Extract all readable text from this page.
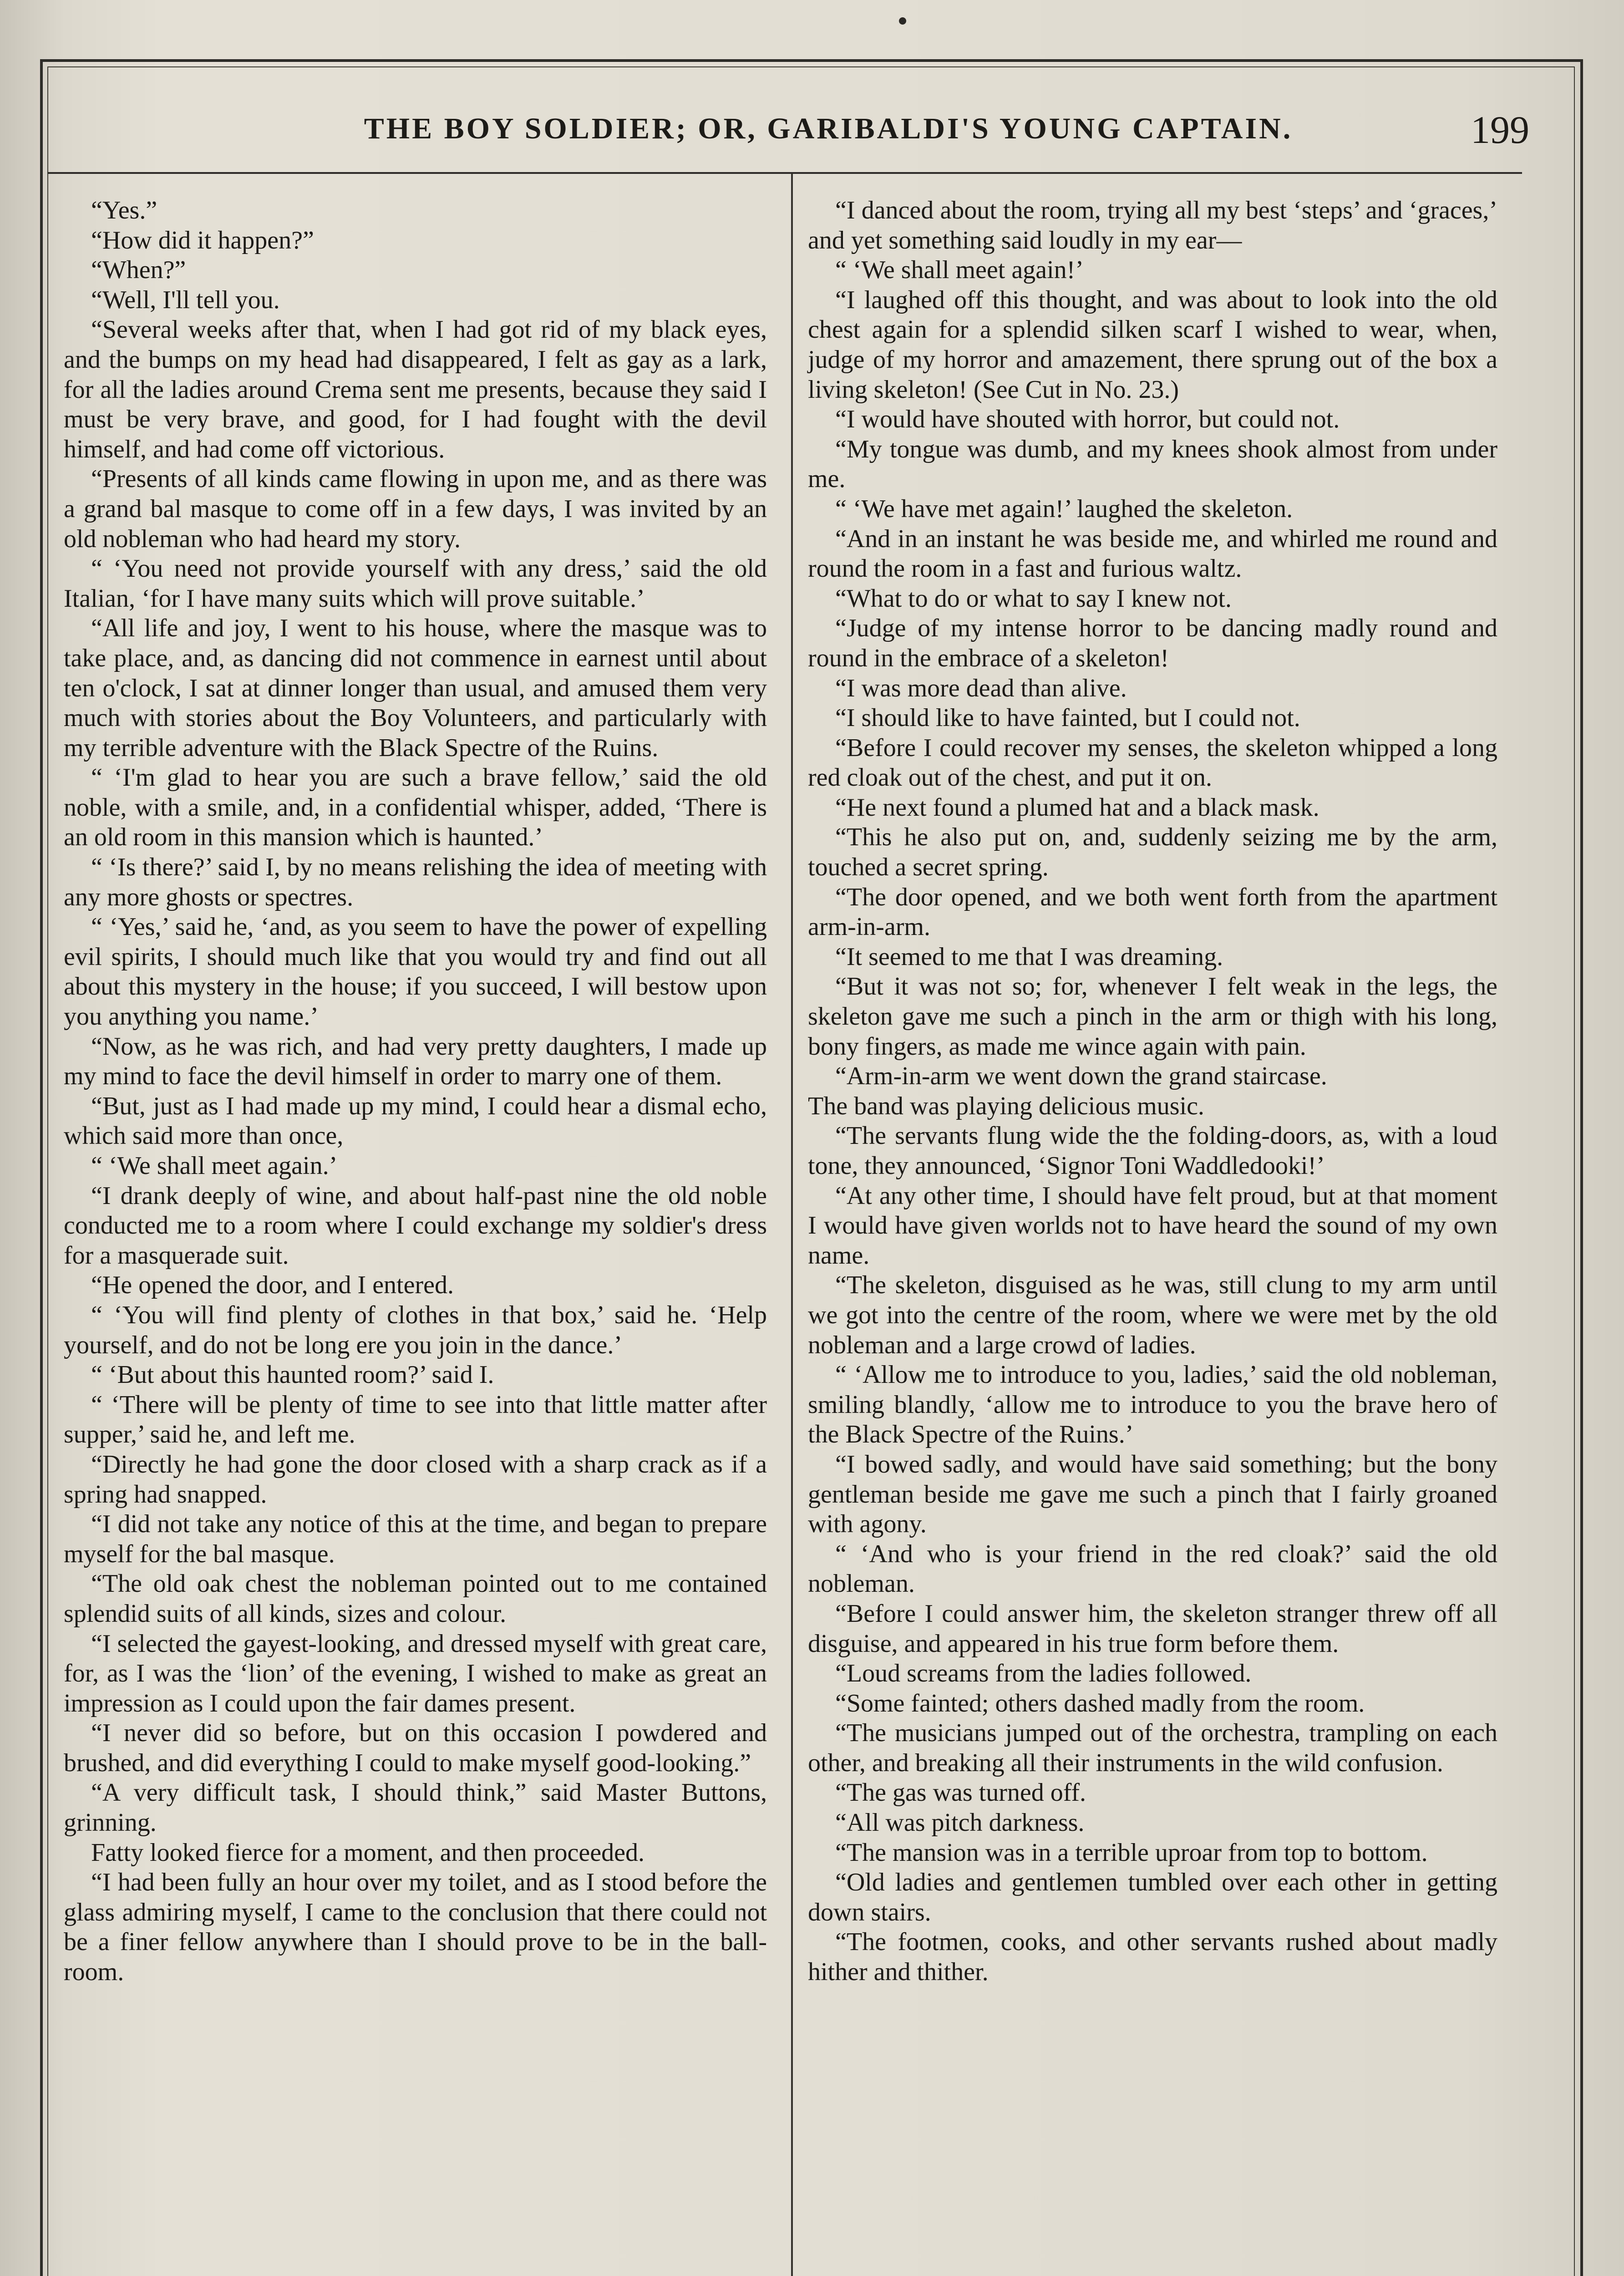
THE BOY SOLDIER; OR, GARIBALDI'S YOUNG CAPTAIN.	199

“Yes.”

“How did it happen?”

“When?”

“Well, I'll tell you.

“Several weeks after that, when I had got rid of my black eyes, and the bumps on my head had disappeared, I felt as gay as a lark, for all the ladies around Crema sent me presents, because they said I must be very brave, and good, for I had fought with the devil himself, and had come off victorious.

“Presents of all kinds came flowing in upon me, and as there was a grand bal masque to come off in a few days, I was invited by an old nobleman who had heard my story.

“ ‘You need not provide yourself with any dress,’ said the old Italian, ‘for I have many suits which will prove suitable.’

“All life and joy, I went to his house, where the masque was to take place, and, as dancing did not commence in earnest until about ten o'clock, I sat at dinner longer than usual, and amused them very much with stories about the Boy Volunteers, and particularly with my terrible adventure with the Black Spectre of the Ruins.

“ ‘I'm glad to hear you are such a brave fellow,’ said the old noble, with a smile, and, in a confidential whisper, added, ‘There is an old room in this mansion which is haunted.’

“ ‘Is there?’ said I, by no means relishing the idea of meeting with any more ghosts or spectres.

“ ‘Yes,’ said he, ‘and, as you seem to have the power of expelling evil spirits, I should much like that you would try and find out all about this mystery in the house; if you succeed, I will bestow upon you anything you name.’

“Now, as he was rich, and had very pretty daughters, I made up my mind to face the devil himself in order to marry one of them.

“But, just as I had made up my mind, I could hear a dismal echo, which said more than once,

“ ‘We shall meet again.’

“I drank deeply of wine, and about half-past nine the old noble conducted me to a room where I could exchange my soldier's dress for a masquerade suit.

“He opened the door, and I entered.

“ ‘You will find plenty of clothes in that box,’ said he. ‘Help yourself, and do not be long ere you join in the dance.’

“ ‘But about this haunted room?’ said I.

“ ‘There will be plenty of time to see into that little matter after supper,’ said he, and left me.

“Directly he had gone the door closed with a sharp crack as if a spring had snapped.

“I did not take any notice of this at the time, and began to prepare myself for the bal masque.

“The old oak chest the nobleman pointed out to me contained splendid suits of all kinds, sizes and colour.

“I selected the gayest-looking, and dressed myself with great care, for, as I was the ‘lion’ of the evening, I wished to make as great an impression as I could upon the fair dames present.

“I never did so before, but on this occasion I powdered and brushed, and did everything I could to make myself good-looking.”

“A very difficult task, I should think,” said Master Buttons, grinning.

Fatty looked fierce for a moment, and then proceeded.

“I had been fully an hour over my toilet, and as I stood before the glass admiring myself, I came to the conclusion that there could not be a finer fellow anywhere than I should prove to be in the ball-room.

“I danced about the room, trying all my best ‘steps’ and ‘graces,’ and yet something said loudly in my ear—

“ ‘We shall meet again!’

“I laughed off this thought, and was about to look into the old chest again for a splendid silken scarf I wished to wear, when, judge of my horror and amazement, there sprung out of the box a living skeleton! (See Cut in No. 23.)

“I would have shouted with horror, but could not.

“My tongue was dumb, and my knees shook almost from under me.

“ ‘We have met again!’ laughed the skeleton.

“And in an instant he was beside me, and whirled me round and round the room in a fast and furious waltz.

“What to do or what to say I knew not.

“Judge of my intense horror to be dancing madly round and round in the embrace of a skeleton!

“I was more dead than alive.

“I should like to have fainted, but I could not.

“Before I could recover my senses, the skeleton whipped a long red cloak out of the chest, and put it on.

“He next found a plumed hat and a black mask.

“This he also put on, and, suddenly seizing me by the arm, touched a secret spring.

“The door opened, and we both went forth from the apartment arm-in-arm.

“It seemed to me that I was dreaming.

“But it was not so; for, whenever I felt weak in the legs, the skeleton gave me such a pinch in the arm or thigh with his long, bony fingers, as made me wince again with pain.

“Arm-in-arm we went down the grand staircase.

The band was playing delicious music.

“The servants flung wide the the folding-doors, as, with a loud tone, they announced, ‘Signor Toni Waddledooki!’

“At any other time, I should have felt proud, but at that moment I would have given worlds not to have heard the sound of my own name.

“The skeleton, disguised as he was, still clung to my arm until we got into the centre of the room, where we were met by the old nobleman and a large crowd of ladies.

“ ‘Allow me to introduce to you, ladies,’ said the old nobleman, smiling blandly, ‘allow me to introduce to you the brave hero of the Black Spectre of the Ruins.’

“I bowed sadly, and would have said something; but the bony gentleman beside me gave me such a pinch that I fairly groaned with agony.

“ ‘And who is your friend in the red cloak?’ said the old nobleman.

“Before I could answer him, the skeleton stranger threw off all disguise, and appeared in his true form before them.

“Loud screams from the ladies followed.

“Some fainted; others dashed madly from the room.

“The musicians jumped out of the orchestra, trampling on each other, and breaking all their instruments in the wild confusion.

“The gas was turned off.

“All was pitch darkness.

“The mansion was in a terrible uproar from top to bottom.

“Old ladies and gentlemen tumbled over each other in getting down stairs.

“The footmen, cooks, and other servants rushed about madly hither and thither.
